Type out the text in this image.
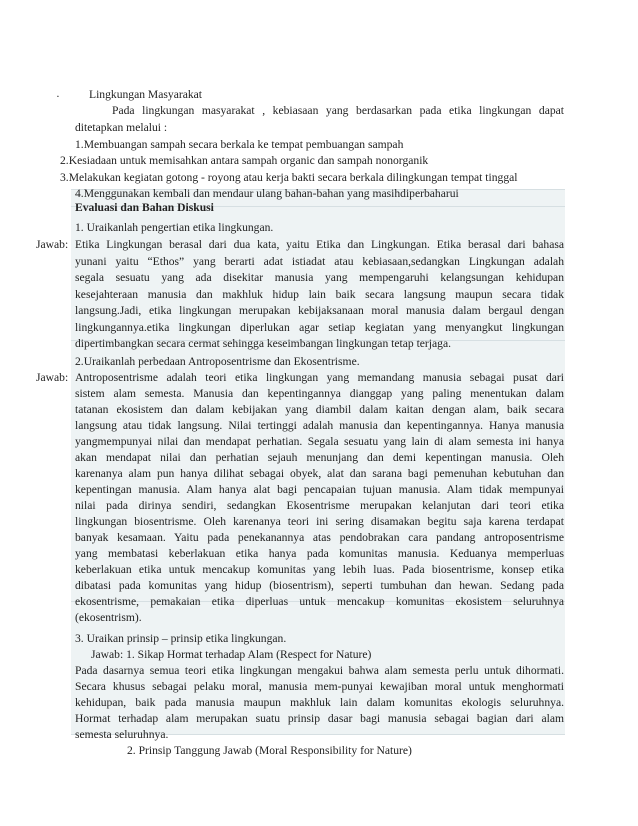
·	Lingkungan Masyarakat
Pada lingkungan masyarakat , kebiasaan yang berdasarkan pada etika lingkungan dapat
ditetapkan melalui :
1.Membuangan sampah secara berkala ke tempat pembuangan sampah
2.Kesiadaan untuk memisahkan antara sampah organic dan sampah nonorganik
3.Melakukan kegiatan gotong - royong atau kerja bakti secara berkala dilingkungan tempat tinggal
4.Menggunakan kembali dan mendaur ulang bahan-bahan yang masihdiperbaharui
Evaluasi dan Bahan Diskusi
1. Uraikanlah pengertian etika lingkungan.
Jawab: Etika Lingkungan berasal dari dua kata, yaitu Etika dan Lingkungan. Etika berasal dari bahasa
yunani yaitu “Ethos” yang berarti adat istiadat atau kebiasaan,sedangkan Lingkungan adalah
segala sesuatu yang ada disekitar manusia yang mempengaruhi kelangsungan kehidupan
kesejahteraan manusia dan makhluk hidup lain baik secara langsung maupun secara tidak
langsung.Jadi, etika lingkungan merupakan kebijaksanaan moral manusia dalam bergaul dengan
lingkungannya.etika lingkungan diperlukan agar setiap kegiatan yang menyangkut lingkungan
dipertimbangkan secara cermat sehingga keseimbangan lingkungan tetap terjaga.
2.Uraikanlah perbedaan Antroposentrisme dan Ekosentrisme.
Jawab: Antroposentrisme adalah teori etika lingkungan yang memandang manusia sebagai pusat dari
sistem alam semesta. Manusia dan kepentingannya dianggap yang paling menentukan dalam
tatanan ekosistem dan dalam kebijakan yang diambil dalam kaitan dengan alam, baik secara
langsung atau tidak langsung. Nilai tertinggi adalah manusia dan kepentingannya. Hanya manusia
yangmempunyai nilai dan mendapat perhatian. Segala sesuatu yang lain di alam semesta ini hanya
akan mendapat nilai dan perhatian sejauh menunjang dan demi kepentingan manusia. Oleh
karenanya alam pun hanya dilihat sebagai obyek, alat dan sarana bagi pemenuhan kebutuhan dan
kepentingan manusia. Alam hanya alat bagi pencapaian tujuan manusia. Alam tidak mempunyai
nilai pada dirinya sendiri, sedangkan Ekosentrisme merupakan kelanjutan dari teori etika
lingkungan biosentrisme. Oleh karenanya teori ini sering disamakan begitu saja karena terdapat
banyak kesamaan. Yaitu pada penekanannya atas pendobrakan cara pandang antroposentrisme
yang membatasi keberlakuan etika hanya pada komunitas manusia. Keduanya memperluas
keberlakuan etika untuk mencakup komunitas yang lebih luas. Pada biosentrisme, konsep etika
dibatasi pada komunitas yang hidup (biosentrism), seperti tumbuhan dan hewan. Sedang pada
ekosentrisme, pemakaian etika diperluas untuk mencakup komunitas ekosistem seluruhnya
(ekosentrism).
3. Uraikan prinsip – prinsip etika lingkungan.
Jawab: 1. Sikap Hormat terhadap Alam (Respect for Nature)
Pada dasarnya semua teori etika lingkungan mengakui bahwa alam semesta perlu untuk dihormati.
Secara khusus sebagai pelaku moral, manusia mem-punyai kewajiban moral untuk menghormati
kehidupan, baik pada manusia maupun makhluk lain dalam komunitas ekologis seluruhnya.
Hormat terhadap alam merupakan suatu prinsip dasar bagi manusia sebagai bagian dari alam
semesta seluruhnya.
2. Prinsip Tanggung Jawab (Moral Responsibility for Nature)
